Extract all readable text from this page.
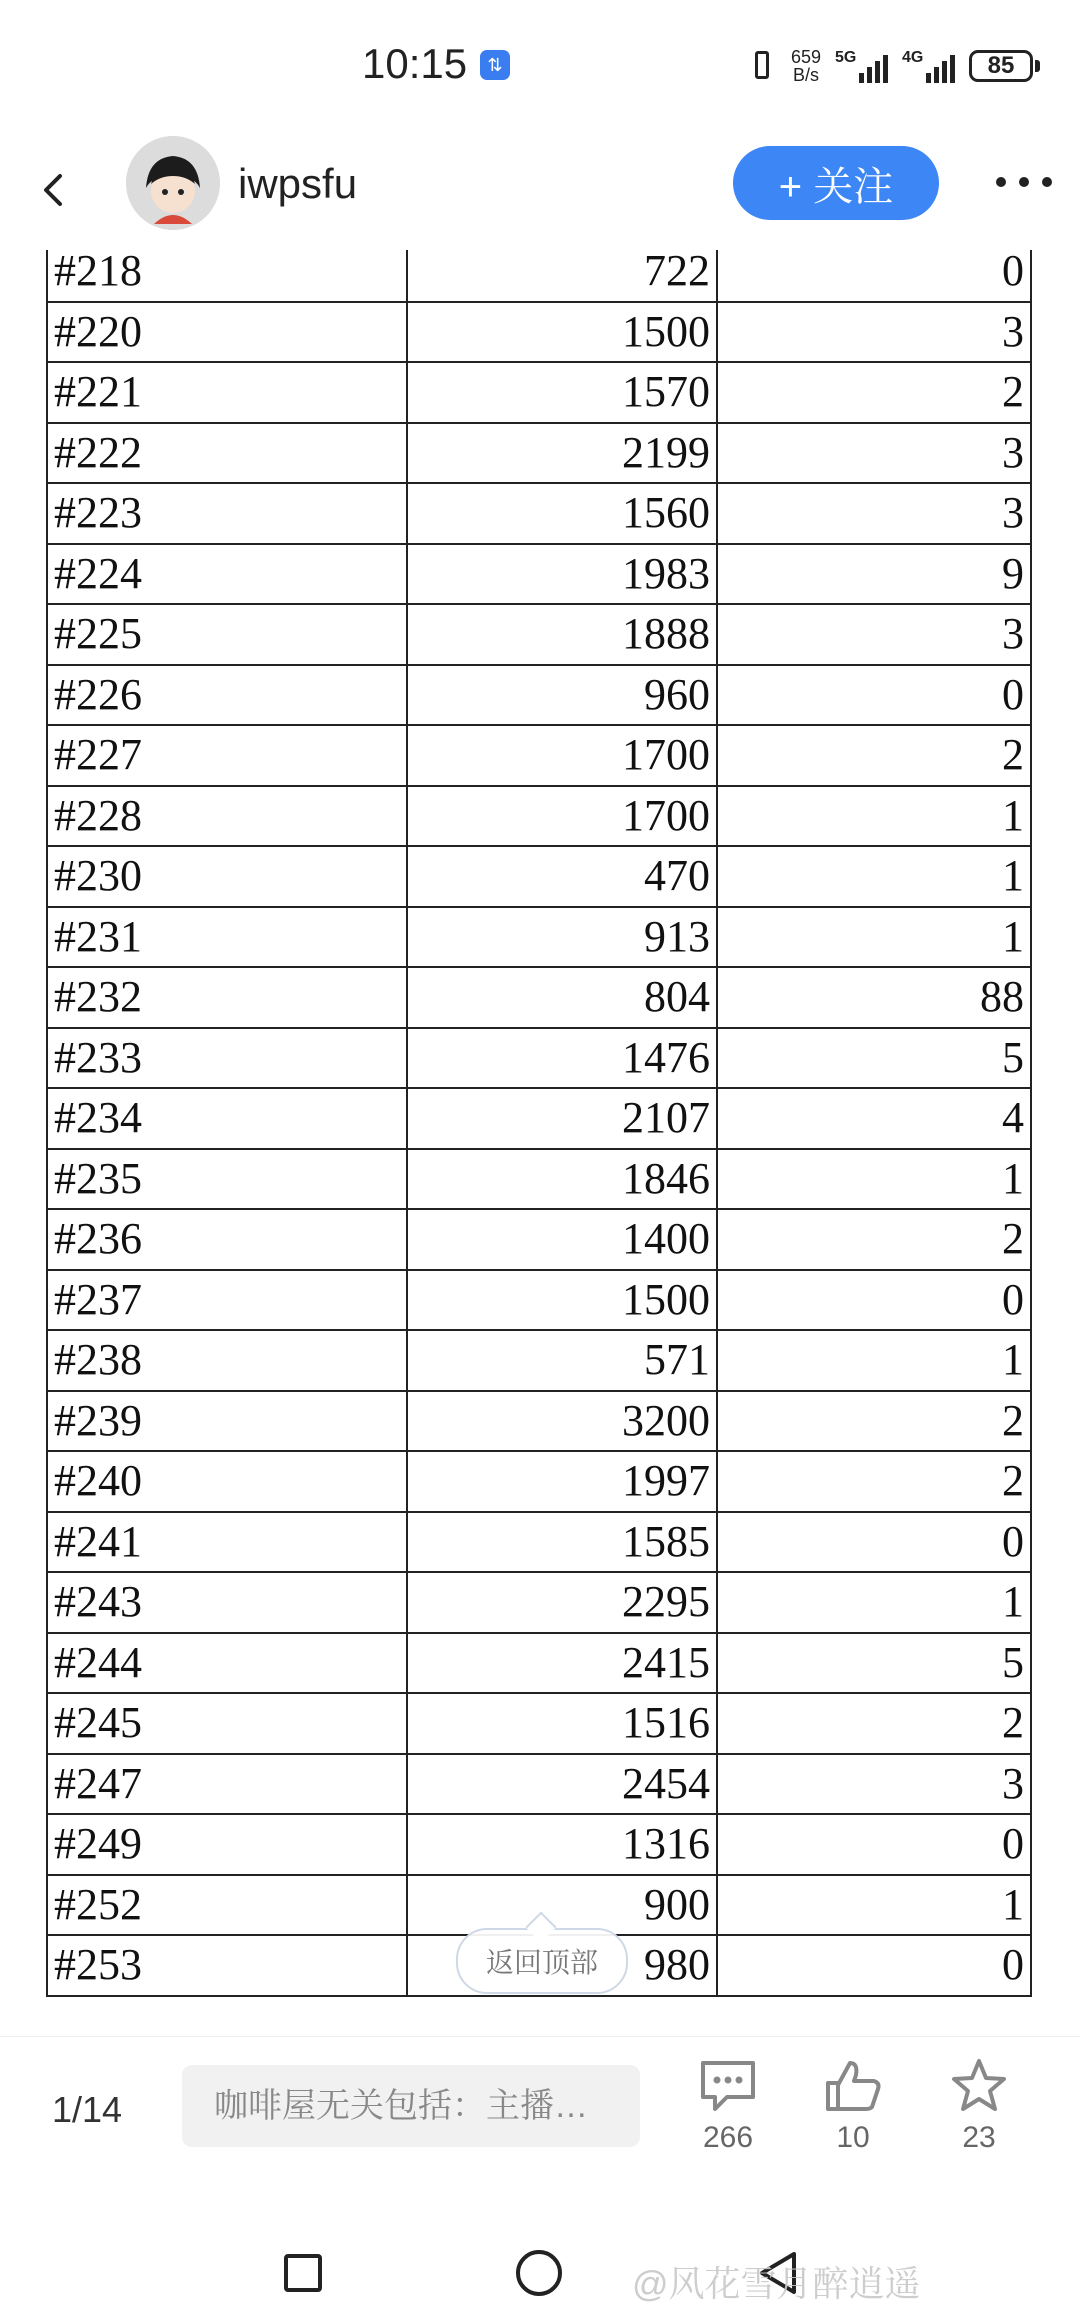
10:15	⇅	659
B/s
5G	4G	85
iwpsfu	+ 关注
#218	722	0
#220	1500	3
#221	1570	2
#222	2199	3
#223	1560	3
#224	1983	9
#225	1888	3
#226	960	0
#227	1700	2
#228	1700	1
#230	470	1
#231	913	1
#232	804	88
#233	1476	5
#234	2107	4
#235	1846	1
#236	1400	2
#237	1500	0
#238	571	1
#239	3200	2
#240	1997	2
#241	1585	0
#243	2295	1
#244	2415	5
#245	1516	2
#247	2454	3
#249	1316	0
#252	900	1
#253	980	0
返回顶部
1/14	咖啡屋无关包括：主播…
266	10	23
@风花雪月醉逍遥
